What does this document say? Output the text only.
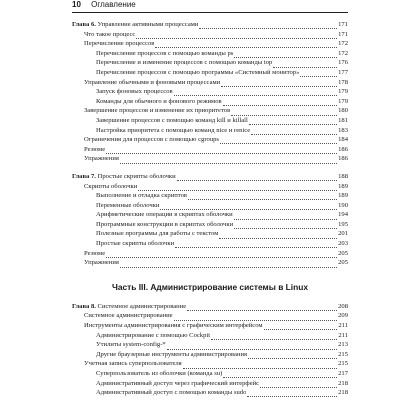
10 Оглавление
Глава 6. Управление активными процессами	171
Что такое процесс	171
Перечисление процессов	172
Перечисление процессов с помощью команды ps	172
Перечисление и изменение процессов с помощью команды top	176
Перечисление процессов с помощью программы «Системный монитор»	177
Управление обычными и фоновыми процессами	178
Запуск фоновых процессов	179
Команды для обычного и фонового режимов	179
Завершение процессов и изменение их приоритетов	180
Завершение процессов с помощью команд kill и killall	181
Настройка приоритета с помощью команд nice и renice	183
Ограничения для процессов с помощью cgroups	184
Резюме	186
Упражнения	186
Глава 7. Простые скрипты оболочки	188
Скрипты оболочки	189
Выполнение и отладка скриптов	189
Переменные оболочки	190
Арифметические операции в скриптах оболочки	194
Программные конструкции в скриптах оболочки	195
Полезные программы для работы с текстом	201
Простые скрипты оболочки	203
Резюме	205
Упражнения	205
Часть III. Администрирование системы в Linux
Глава 8. Системное администрирование	208
Системное администрирование	209
Инструменты администрирования с графическим интерфейсом	211
Администрирование с помощью Cockpit	211
Утилиты system-config-*	213
Другие браузерные инструменты администрирования	215
Учетная запись суперпользователя	215
Суперпользователь из оболочки (команда su)	217
Административный доступ через графический интерфейс	218
Административный доступ с помощью команды sudo	218
